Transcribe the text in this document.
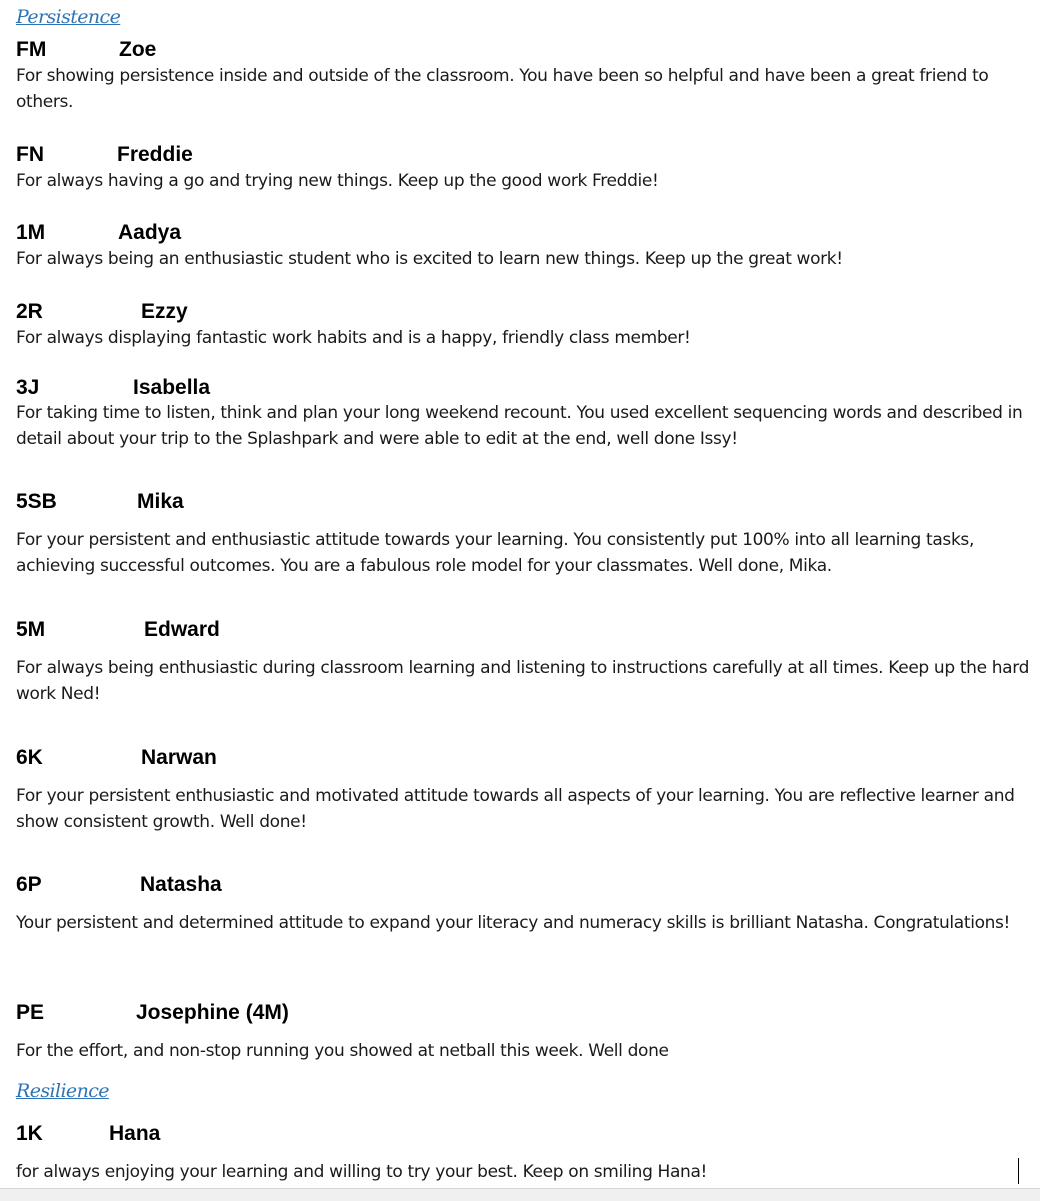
Persistence
FM	Zoe

For showing persistence inside and outside of the classroom. You have been so helpful and have been a great friend to others.

FN	Freddie

For always having a go and trying new things. Keep up the good work Freddie!

1M	Aadya

For always being an enthusiastic student who is excited to learn new things. Keep up the great work!

2R	Ezzy

For always displaying fantastic work habits and is a happy, friendly class member!

3J	Isabella

For taking time to listen, think and plan your long weekend recount. You used excellent sequencing words and described in detail about your trip to the Splashpark and were able to edit at the end, well done Issy!

5SB	Mika

For your persistent and enthusiastic attitude towards your learning. You consistently put 100% into all learning tasks, achieving successful outcomes. You are a fabulous role model for your classmates. Well done, Mika.

5M	Edward

For always being enthusiastic during classroom learning and listening to instructions carefully at all times. Keep up the hard work Ned!

6K	Narwan

For your persistent enthusiastic and motivated attitude towards all aspects of your learning. You are reflective learner and show consistent growth. Well done!

6P	Natasha

Your persistent and determined attitude to expand your literacy and numeracy skills is brilliant Natasha. Congratulations!

PE	Josephine (4M)

For the effort, and non-stop running you showed at netball this week. Well done

Resilience
1K	Hana

for always enjoying your learning and willing to try your best. Keep on smiling Hana!
